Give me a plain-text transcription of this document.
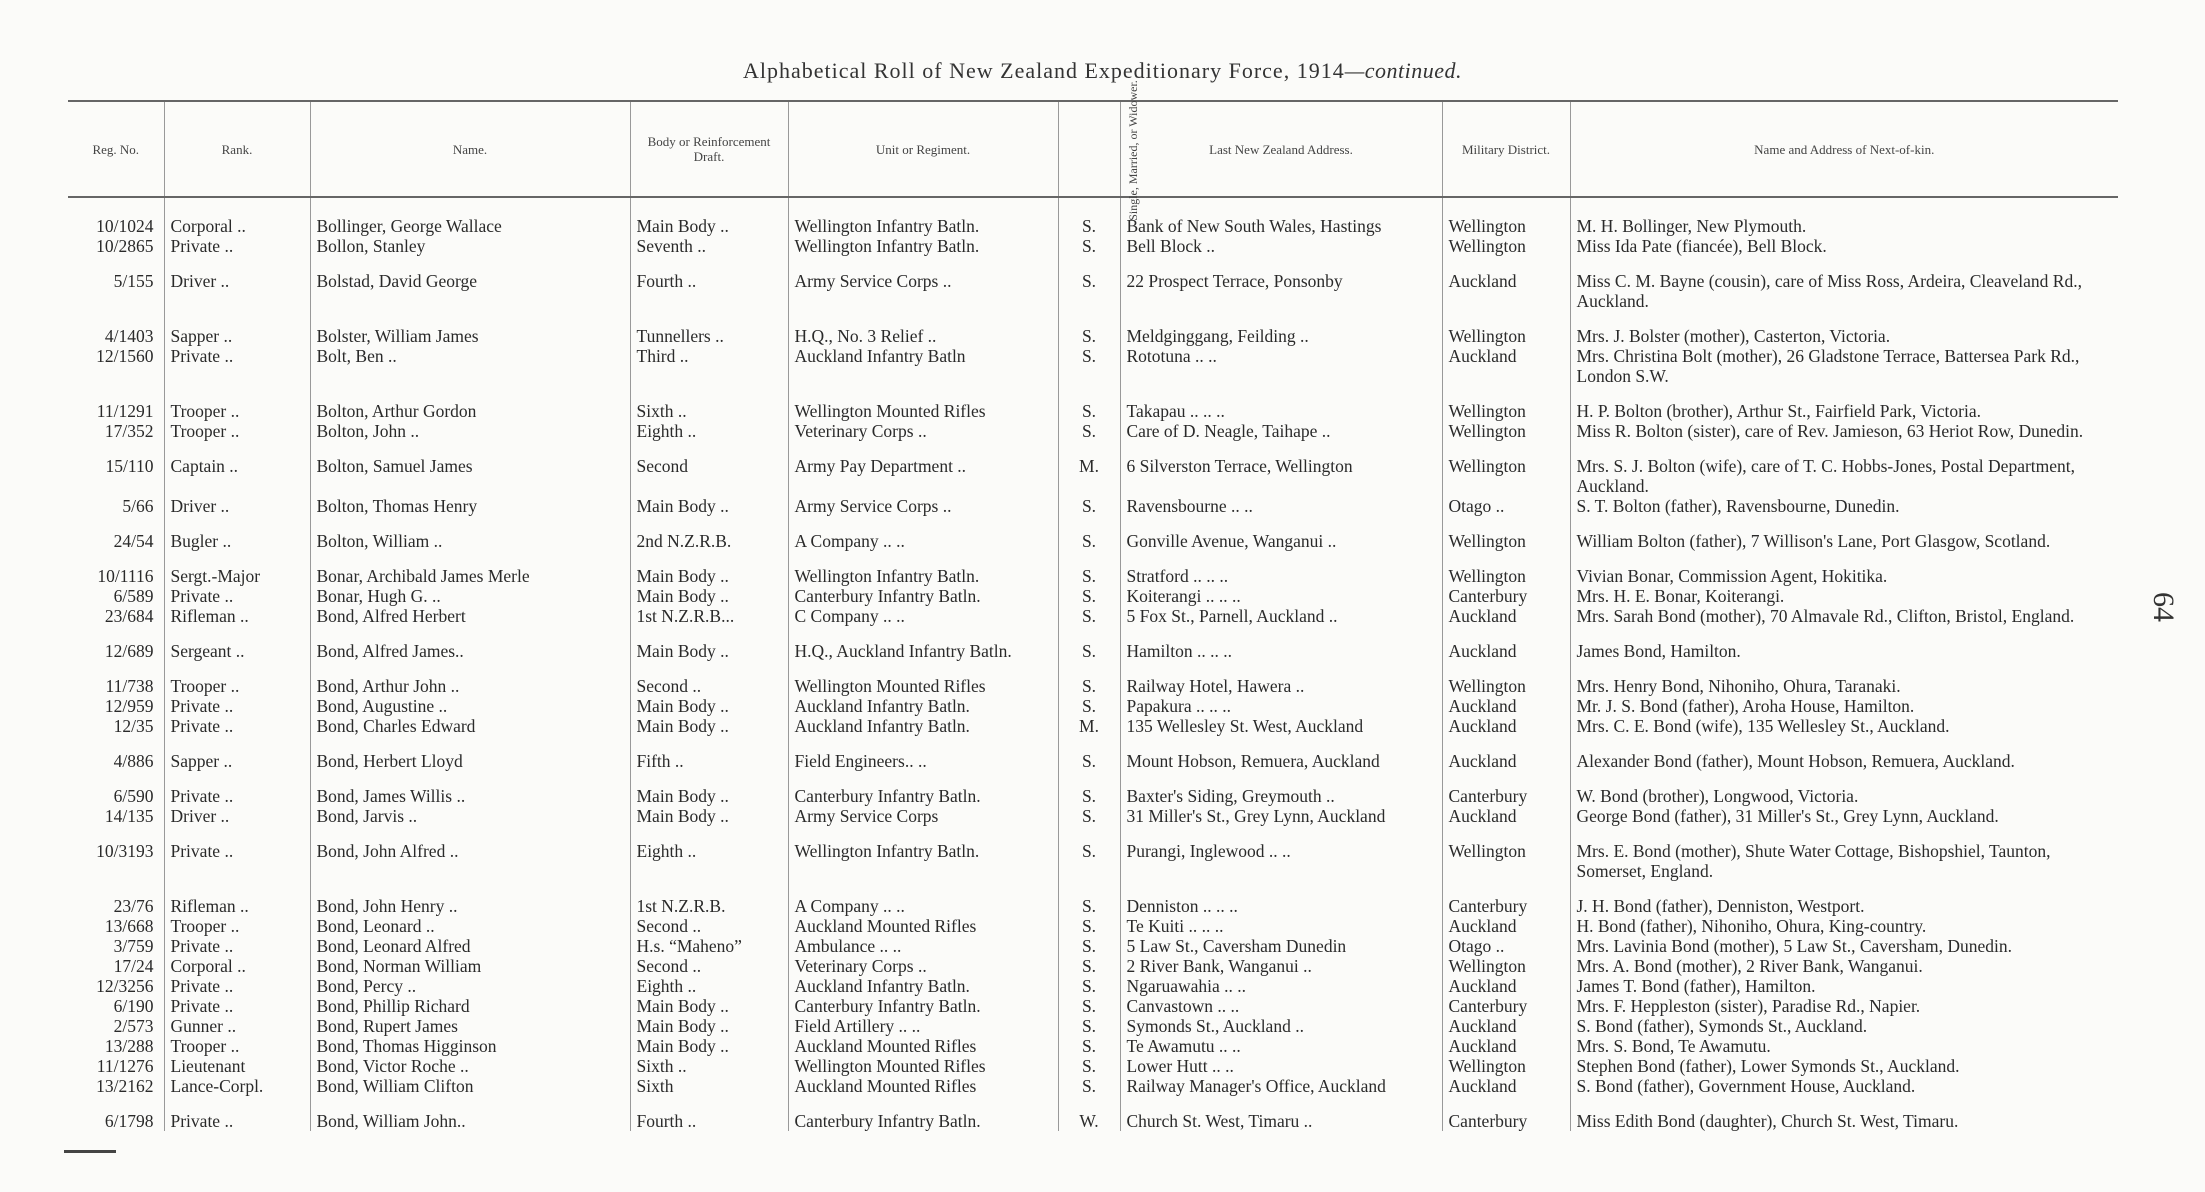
Alphabetical Roll of New Zealand Expeditionary Force, 1914—continued.
Reg. No.	Rank.	Name.	Body or Reinforcement Draft.	Unit or Regiment.	Single, Married, or Widower.	Last New Zealand Address.	Military District.	Name and Address of Next-of-kin.
10/1024	Corporal ..	Bollinger, George Wallace	Main Body ..	Wellington Infantry Batln.	S.	Bank of New South Wales, Hastings	Wellington	M. H. Bollinger, New Plymouth.
10/2865	Private ..	Bollon, Stanley	Seventh ..	Wellington Infantry Batln.	S.	Bell Block ..	Wellington	Miss Ida Pate (fiancée), Bell Block.
5/155	Driver ..	Bolstad, David George	Fourth ..	Army Service Corps ..	S.	22 Prospect Terrace, Ponsonby	Auckland	Miss C. M. Bayne (cousin), care of Miss Ross, Ardeira, Cleaveland Rd., Auckland.
4/1403	Sapper ..	Bolster, William James	Tunnellers ..	H.Q., No. 3 Relief ..	S.	Meldginggang, Feilding ..	Wellington	Mrs. J. Bolster (mother), Casterton, Victoria.
12/1560	Private ..	Bolt, Ben ..	Third ..	Auckland Infantry Batln	S.	Rototuna .. ..	Auckland	Mrs. Christina Bolt (mother), 26 Gladstone Terrace, Battersea Park Rd., London S.W.
11/1291	Trooper ..	Bolton, Arthur Gordon	Sixth ..	Wellington Mounted Rifles	S.	Takapau .. .. ..	Wellington	H. P. Bolton (brother), Arthur St., Fairfield Park, Victoria.
17/352	Trooper ..	Bolton, John ..	Eighth ..	Veterinary Corps ..	S.	Care of D. Neagle, Taihape ..	Wellington	Miss R. Bolton (sister), care of Rev. Jamieson, 63 Heriot Row, Dunedin.
15/110	Captain ..	Bolton, Samuel James	Second	Army Pay Department ..	M.	6 Silverston Terrace, Wellington	Wellington	Mrs. S. J. Bolton (wife), care of T. C. Hobbs-Jones, Postal Department, Auckland.
5/66	Driver ..	Bolton, Thomas Henry	Main Body ..	Army Service Corps ..	S.	Ravensbourne .. ..	Otago ..	S. T. Bolton (father), Ravensbourne, Dunedin.
24/54	Bugler ..	Bolton, William ..	2nd N.Z.R.B.	A Company .. ..	S.	Gonville Avenue, Wanganui ..	Wellington	William Bolton (father), 7 Willison's Lane, Port Glasgow, Scotland.
10/1116	Sergt.-Major	Bonar, Archibald James Merle	Main Body ..	Wellington Infantry Batln.	S.	Stratford .. .. ..	Wellington	Vivian Bonar, Commission Agent, Hokitika.
6/589	Private ..	Bonar, Hugh G. ..	Main Body ..	Canterbury Infantry Batln.	S.	Koiterangi .. .. ..	Canterbury	Mrs. H. E. Bonar, Koiterangi.
23/684	Rifleman ..	Bond, Alfred Herbert	1st N.Z.R.B...	C Company .. ..	S.	5 Fox St., Parnell, Auckland ..	Auckland	Mrs. Sarah Bond (mother), 70 Almavale Rd., Clifton, Bristol, England.
12/689	Sergeant ..	Bond, Alfred James..	Main Body ..	H.Q., Auckland Infantry Batln.	S.	Hamilton .. .. ..	Auckland	James Bond, Hamilton.
11/738	Trooper ..	Bond, Arthur John ..	Second ..	Wellington Mounted Rifles	S.	Railway Hotel, Hawera ..	Wellington	Mrs. Henry Bond, Nihoniho, Ohura, Taranaki.
12/959	Private ..	Bond, Augustine ..	Main Body ..	Auckland Infantry Batln.	S.	Papakura .. .. ..	Auckland	Mr. J. S. Bond (father), Aroha House, Hamilton.
12/35	Private ..	Bond, Charles Edward	Main Body ..	Auckland Infantry Batln.	M.	135 Wellesley St. West, Auckland	Auckland	Mrs. C. E. Bond (wife), 135 Wellesley St., Auckland.
4/886	Sapper ..	Bond, Herbert Lloyd	Fifth ..	Field Engineers.. ..	S.	Mount Hobson, Remuera, Auckland	Auckland	Alexander Bond (father), Mount Hobson, Remuera, Auckland.
6/590	Private ..	Bond, James Willis ..	Main Body ..	Canterbury Infantry Batln.	S.	Baxter's Siding, Greymouth ..	Canterbury	W. Bond (brother), Longwood, Victoria.
14/135	Driver ..	Bond, Jarvis ..	Main Body ..	Army Service Corps	S.	31 Miller's St., Grey Lynn, Auckland	Auckland	George Bond (father), 31 Miller's St., Grey Lynn, Auckland.
10/3193	Private ..	Bond, John Alfred ..	Eighth ..	Wellington Infantry Batln.	S.	Purangi, Inglewood .. ..	Wellington	Mrs. E. Bond (mother), Shute Water Cottage, Bishopshiel, Taunton, Somerset, England.
23/76	Rifleman ..	Bond, John Henry ..	1st N.Z.R.B.	A Company .. ..	S.	Denniston .. .. ..	Canterbury	J. H. Bond (father), Denniston, Westport.
13/668	Trooper ..	Bond, Leonard ..	Second ..	Auckland Mounted Rifles	S.	Te Kuiti .. .. ..	Auckland	H. Bond (father), Nihoniho, Ohura, King-country.
3/759	Private ..	Bond, Leonard Alfred	H.s. “Maheno”	Ambulance .. ..	S.	5 Law St., Caversham Dunedin	Otago ..	Mrs. Lavinia Bond (mother), 5 Law St., Caversham, Dunedin.
17/24	Corporal ..	Bond, Norman William	Second ..	Veterinary Corps ..	S.	2 River Bank, Wanganui ..	Wellington	Mrs. A. Bond (mother), 2 River Bank, Wanganui.
12/3256	Private ..	Bond, Percy ..	Eighth ..	Auckland Infantry Batln.	S.	Ngaruawahia .. ..	Auckland	James T. Bond (father), Hamilton.
6/190	Private ..	Bond, Phillip Richard	Main Body ..	Canterbury Infantry Batln.	S.	Canvastown .. ..	Canterbury	Mrs. F. Heppleston (sister), Paradise Rd., Napier.
2/573	Gunner ..	Bond, Rupert James	Main Body ..	Field Artillery .. ..	S.	Symonds St., Auckland ..	Auckland	S. Bond (father), Symonds St., Auckland.
13/288	Trooper ..	Bond, Thomas Higginson	Main Body ..	Auckland Mounted Rifles	S.	Te Awamutu .. ..	Auckland	Mrs. S. Bond, Te Awamutu.
11/1276	Lieutenant	Bond, Victor Roche ..	Sixth ..	Wellington Mounted Rifles	S.	Lower Hutt .. ..	Wellington	Stephen Bond (father), Lower Symonds St., Auckland.
13/2162	Lance-Corpl.	Bond, William Clifton	Sixth	Auckland Mounted Rifles	S.	Railway Manager's Office, Auckland	Auckland	S. Bond (father), Government House, Auckland.
6/1798	Private ..	Bond, William John..	Fourth ..	Canterbury Infantry Batln.	W.	Church St. West, Timaru ..	Canterbury	Miss Edith Bond (daughter), Church St. West, Timaru.
64
